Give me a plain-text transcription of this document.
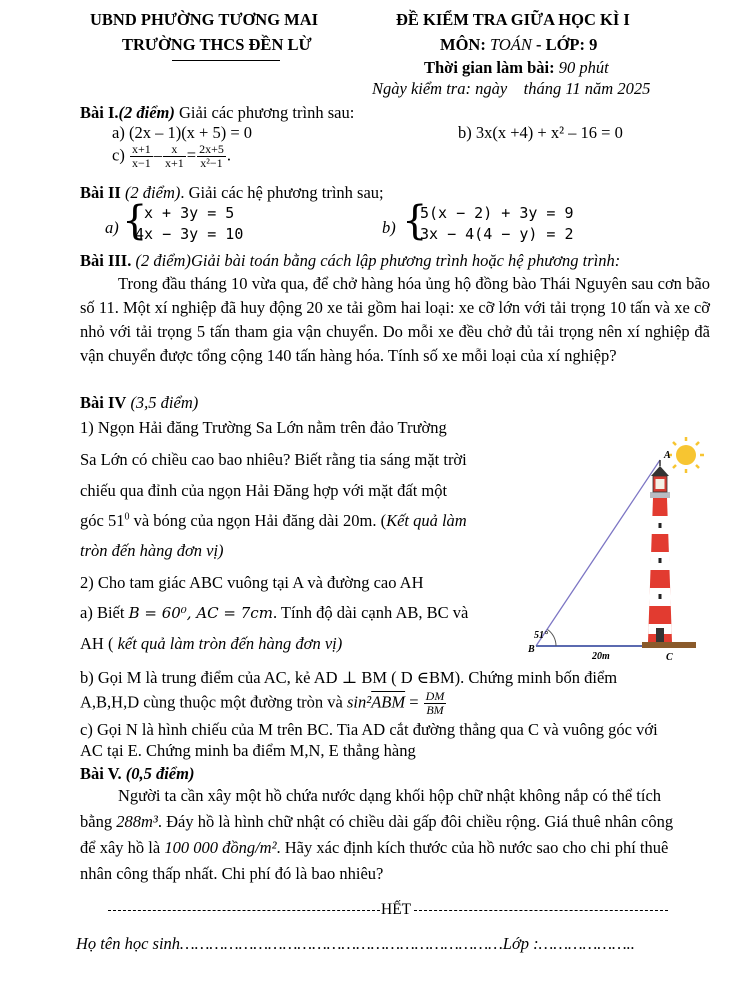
UBND PHƯỜNG TƯƠNG MAI
TRƯỜNG THCS ĐỀN LỪ
ĐỀ KIỂM TRA GIỮA HỌC KÌ I
MÔN: TOÁN - LỚP: 9
Thời gian làm bài: 90 phút
Ngày kiểm tra: ngày    tháng 11 năm 2025
Bài I.(2 điểm) Giải các phương trình sau:
a) (2x – 1)(x + 5) = 0	b) 3x(x +4) + x² – 16 = 0
$c) \frac{x+1}{x-1} - \frac{x}{x+1} = \frac{2x+5}{\text{x²−1}}$ .
Bài II (2 điểm). Giải các hệ phương trình sau;
a) {
x + 3y = 5
4x − 3y = 10	b) {
5(x − 2) + 3y = 9
3x − 4(4 − y) = 2
Bài III. (2 điểm)Giải bài toán bằng cách lập phương trình hoặc hệ phương trình:
Trong đầu tháng 10 vừa qua, để chở hàng hóa ủng hộ đồng bào Thái Nguyên sau cơn bão số 11. Một xí nghiệp đã huy động 20 xe tải gồm hai loại: xe cỡ lớn với tải trọng 10 tấn và xe cỡ nhỏ với tải trọng 5 tấn tham gia vận chuyển. Do mỗi xe đều chở đủ tải trọng nên xí nghiệp đã vận chuyển được tổng cộng 140 tấn hàng hóa. Tính số xe mỗi loại của xí nghiệp?
Bài IV (3,5 điểm)
1) Ngọn Hải đăng Trường Sa Lớn nằm trên đảo Trường
Sa Lớn có chiều cao bao nhiêu? Biết rằng tia sáng mặt trời
chiếu qua đỉnh của ngọn Hải Đăng hợp với mặt đất một
góc $51^0$ và bóng của ngọn Hải đăng dài 20m. (Kết quả làm
tròn đến hàng đơn vị)
2) Cho tam giác ABC vuông tại A và đường cao AH
a) Biết B = 60⁰, AC = 7cm. Tính độ dài cạnh AB, BC và
AH ( kết quả làm tròn đến hàng đơn vị)
b) Gọi M là trung điểm của AC, kẻ AD ⊥ BM ( D ∈BM). Chứng minh bốn điểm
A,B,H,D cùng thuộc một đường tròn và $\sin^2\overline{ABM} = \frac{DM}{BM}$
c) Gọi N là hình chiếu của M trên BC. Tia AD cắt đường thẳng qua C và vuông góc với
AC tại E. Chứng minh ba điểm M,N, E thẳng hàng
51°
B
A
C
20m
Bài V. (0,5 điểm)
Người ta cần xây một hồ chứa nước dạng khối hộp chữ nhật không nắp có thể tích
bằng 288m³. Đáy hồ là hình chữ nhật có chiều dài gấp đôi chiều rộng. Giá thuê nhân công
để xây hồ là 100 000 đồng/m². Hãy xác định kích thước của hồ nước sao cho chi phí thuê
nhân công thấp nhất. Chi phí đó là bao nhiêu?
HẾT
Họ tên học sinh…………………………………………………………Lớp :………………..
